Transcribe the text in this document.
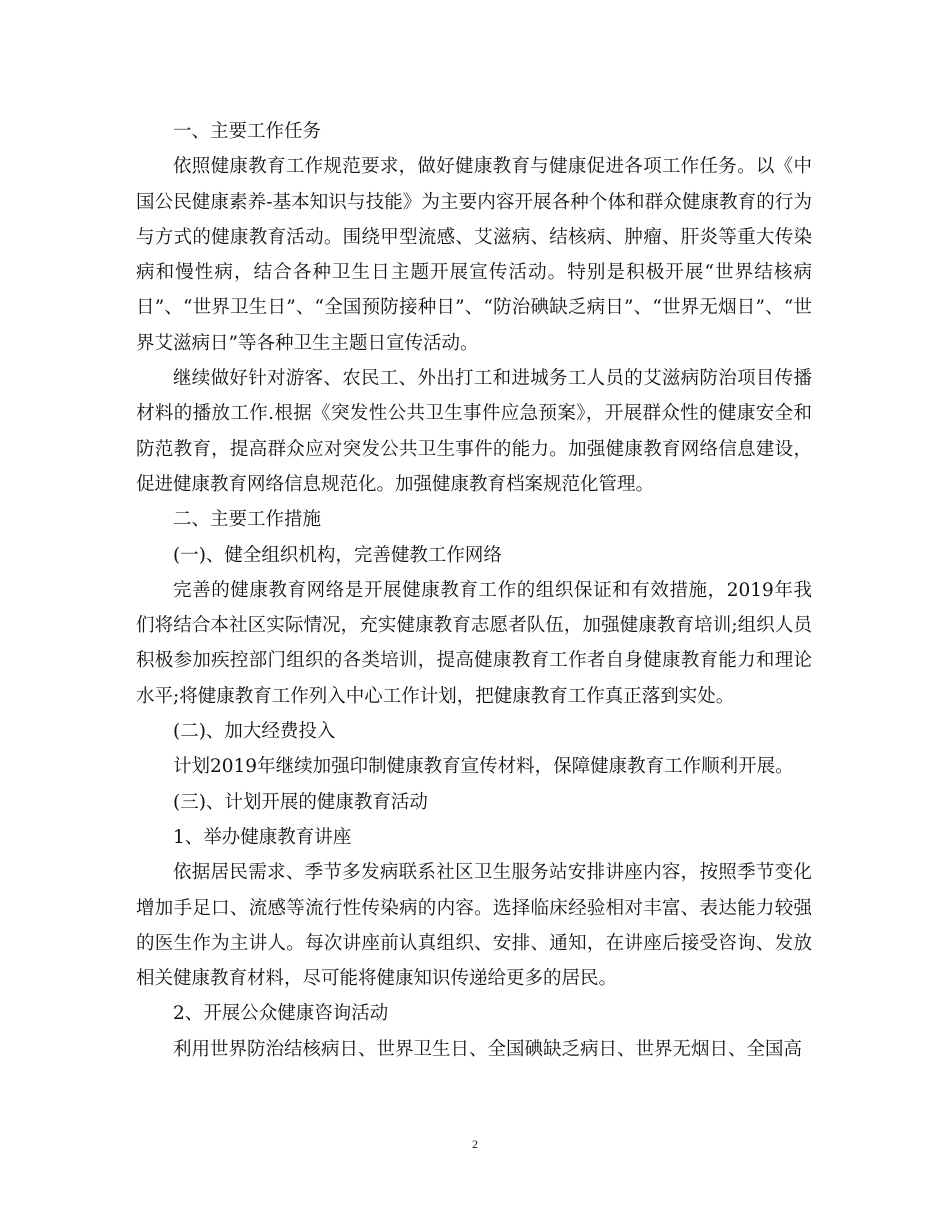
一、主要工作任务

依照健康教育工作规范要求，做好健康教育与健康促进各项工作任务。以《中国公民健康素养-基本知识与技能》为主要内容开展各种个体和群众健康教育的行为与方式的健康教育活动。围绕甲型流感、艾滋病、结核病、肿瘤、肝炎等重大传染病和慢性病，结合各种卫生日主题开展宣传活动。特别是积极开展“世界结核病日”、“世界卫生日”、“全国预防接种日”、“防治碘缺乏病日”、“世界无烟日”、“世界艾滋病日”等各种卫生主题日宣传活动。

继续做好针对游客、农民工、外出打工和进城务工人员的艾滋病防治项目传播材料的播放工作.根据《突发性公共卫生事件应急预案》，开展群众性的健康安全和防范教育，提高群众应对突发公共卫生事件的能力。加强健康教育网络信息建设，促进健康教育网络信息规范化。加强健康教育档案规范化管理。

二、主要工作措施

(一)、健全组织机构，完善健教工作网络

完善的健康教育网络是开展健康教育工作的组织保证和有效措施，2019年我们将结合本社区实际情况，充实健康教育志愿者队伍，加强健康教育培训;组织人员积极参加疾控部门组织的各类培训，提高健康教育工作者自身健康教育能力和理论水平;将健康教育工作列入中心工作计划，把健康教育工作真正落到实处。

(二)、加大经费投入

计划2019年继续加强印制健康教育宣传材料，保障健康教育工作顺利开展。

(三)、计划开展的健康教育活动

1、举办健康教育讲座

依据居民需求、季节多发病联系社区卫生服务站安排讲座内容，按照季节变化增加手足口、流感等流行性传染病的内容。选择临床经验相对丰富、表达能力较强的医生作为主讲人。每次讲座前认真组织、安排、通知，在讲座后接受咨询、发放相关健康教育材料，尽可能将健康知识传递给更多的居民。

2、开展公众健康咨询活动

利用世界防治结核病日、世界卫生日、全国碘缺乏病日、世界无烟日、全国高

2
